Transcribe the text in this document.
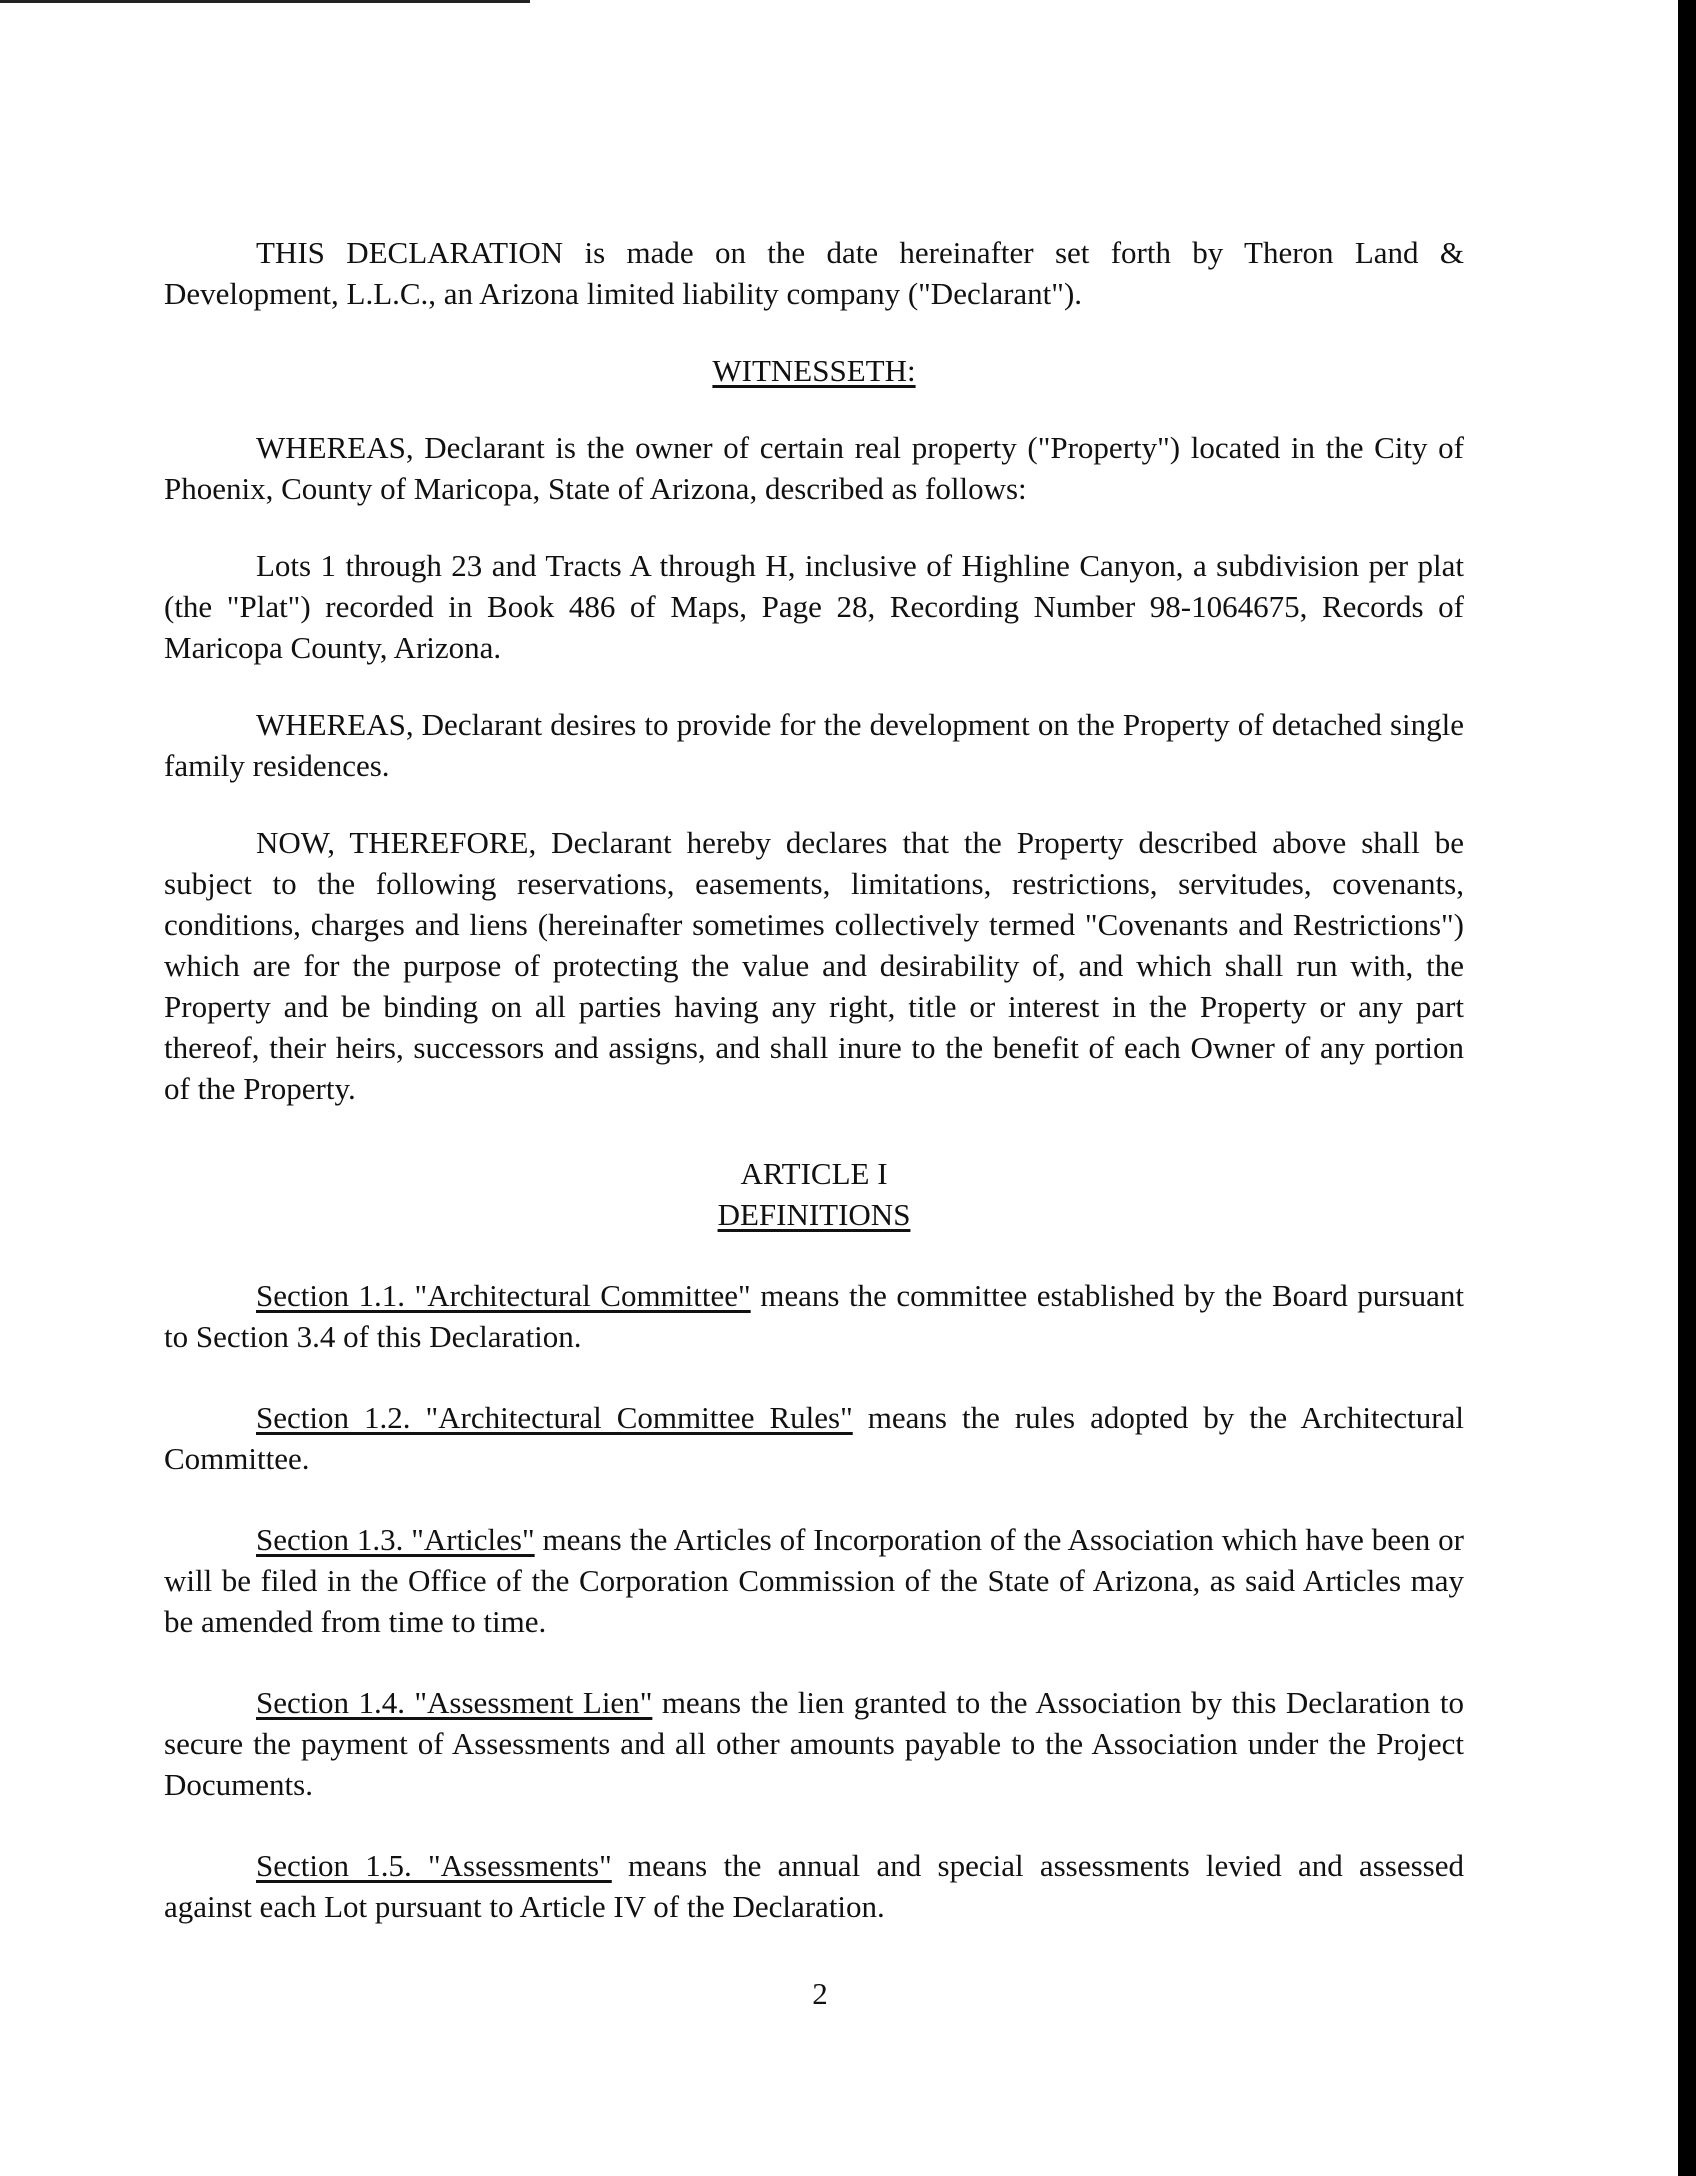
THIS DECLARATION is made on the date hereinafter set forth by Theron Land & Development, L.L.C., an Arizona limited liability company ("Declarant").

WITNESSETH:

WHEREAS, Declarant is the owner of certain real property ("Property") located in the City of Phoenix, County of Maricopa, State of Arizona, described as follows:

Lots 1 through 23 and Tracts A through H, inclusive of Highline Canyon, a subdivision per plat (the "Plat") recorded in Book 486 of Maps, Page 28, Recording Number 98-1064675, Records of Maricopa County, Arizona.

WHEREAS, Declarant desires to provide for the development on the Property of detached single family residences.

NOW, THEREFORE, Declarant hereby declares that the Property described above shall be subject to the following reservations, easements, limitations, restrictions, servitudes, covenants, conditions, charges and liens (hereinafter sometimes collectively termed "Covenants and Restrictions") which are for the purpose of protecting the value and desirability of, and which shall run with, the Property and be binding on all parties having any right, title or interest in the Property or any part thereof, their heirs, successors and assigns, and shall inure to the benefit of each Owner of any portion of the Property.

ARTICLE I
DEFINITIONS

Section 1.1. "Architectural Committee" means the committee established by the Board pursuant to Section 3.4 of this Declaration.

Section 1.2. "Architectural Committee Rules" means the rules adopted by the Architectural Committee.

Section 1.3. "Articles" means the Articles of Incorporation of the Association which have been or will be filed in the Office of the Corporation Commission of the State of Arizona, as said Articles may be amended from time to time.

Section 1.4. "Assessment Lien" means the lien granted to the Association by this Declaration to secure the payment of Assessments and all other amounts payable to the Association under the Project Documents.

Section 1.5. "Assessments" means the annual and special assessments levied and assessed against each Lot pursuant to Article IV of the Declaration.

2
